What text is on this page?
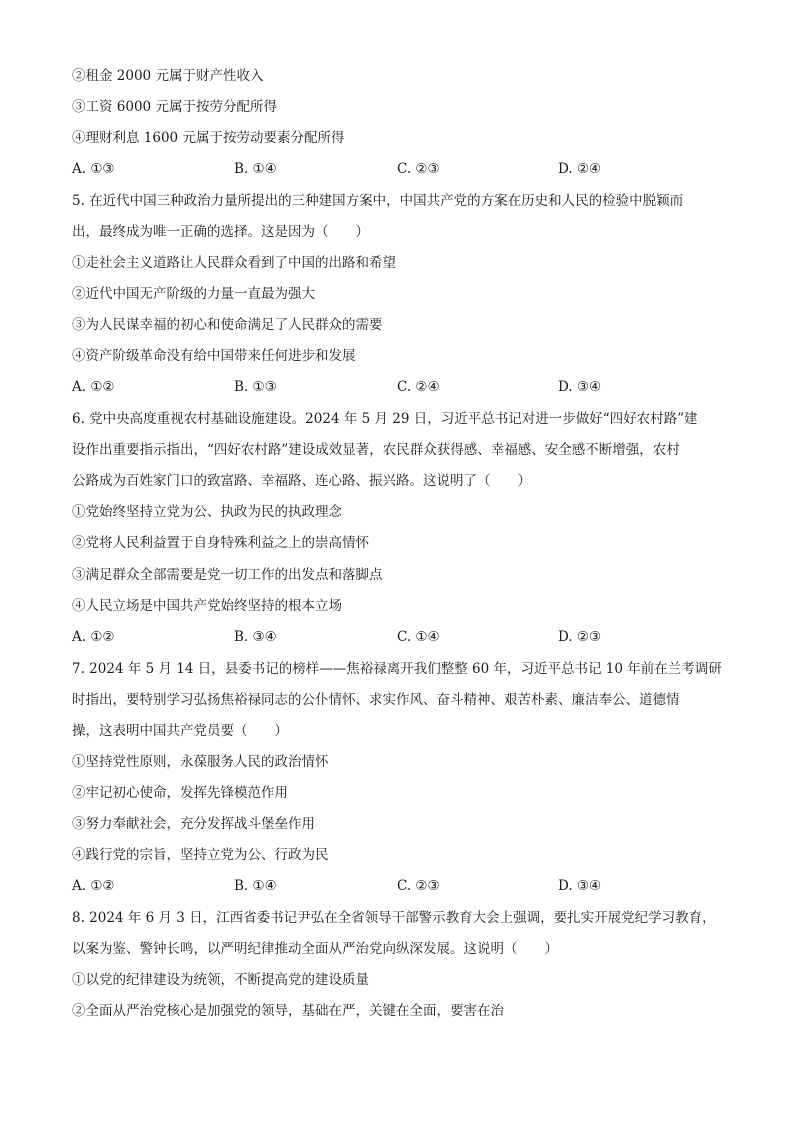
②租金 2000 元属于财产性收入
③工资 6000 元属于按劳分配所得
④理财利息 1600 元属于按劳动要素分配所得
A. ①③	B. ①④	C. ②③	D. ②④
5. 在近代中国三种政治力量所提出的三种建国方案中，中国共产党的方案在历史和人民的检验中脱颖而
出，最终成为唯一正确的选择。这是因为（　　）
①走社会主义道路让人民群众看到了中国的出路和希望
②近代中国无产阶级的力量一直最为强大
③为人民谋幸福的初心和使命满足了人民群众的需要
④资产阶级革命没有给中国带来任何进步和发展
A. ①②	B. ①③	C. ②④	D. ③④
6. 党中央高度重视农村基础设施建设。2024 年 5 月 29 日，习近平总书记对进一步做好“四好农村路”建
设作出重要指示指出，“四好农村路”建设成效显著，农民群众获得感、幸福感、安全感不断增强，农村
公路成为百姓家门口的致富路、幸福路、连心路、振兴路。这说明了（　　）
①党始终坚持立党为公、执政为民的执政理念
②党将人民利益置于自身特殊利益之上的崇高情怀
③满足群众全部需要是党一切工作的出发点和落脚点
④人民立场是中国共产党始终坚持的根本立场
A. ①②	B. ③④	C. ①④	D. ②③
7. 2024 年 5 月 14 日，县委书记的榜样——焦裕禄离开我们整整 60 年，习近平总书记 10 年前在兰考调研
时指出，要特别学习弘扬焦裕禄同志的公仆情怀、求实作风、奋斗精神、艰苦朴素、廉洁奉公、道德情
操，这表明中国共产党员要（　　）
①坚持党性原则，永葆服务人民的政治情怀
②牢记初心使命，发挥先锋模范作用
③努力奉献社会，充分发挥战斗堡垒作用
④践行党的宗旨，坚持立党为公、行政为民
A. ①②	B. ①④	C. ②③	D. ③④
8. 2024 年 6 月 3 日，江西省委书记尹弘在全省领导干部警示教育大会上强调，要扎实开展党纪学习教育，
以案为鉴、警钟长鸣，以严明纪律推动全面从严治党向纵深发展。这说明（　　）
①以党的纪律建设为统领，不断提高党的建设质量
②全面从严治党核心是加强党的领导，基础在严，关键在全面，要害在治
